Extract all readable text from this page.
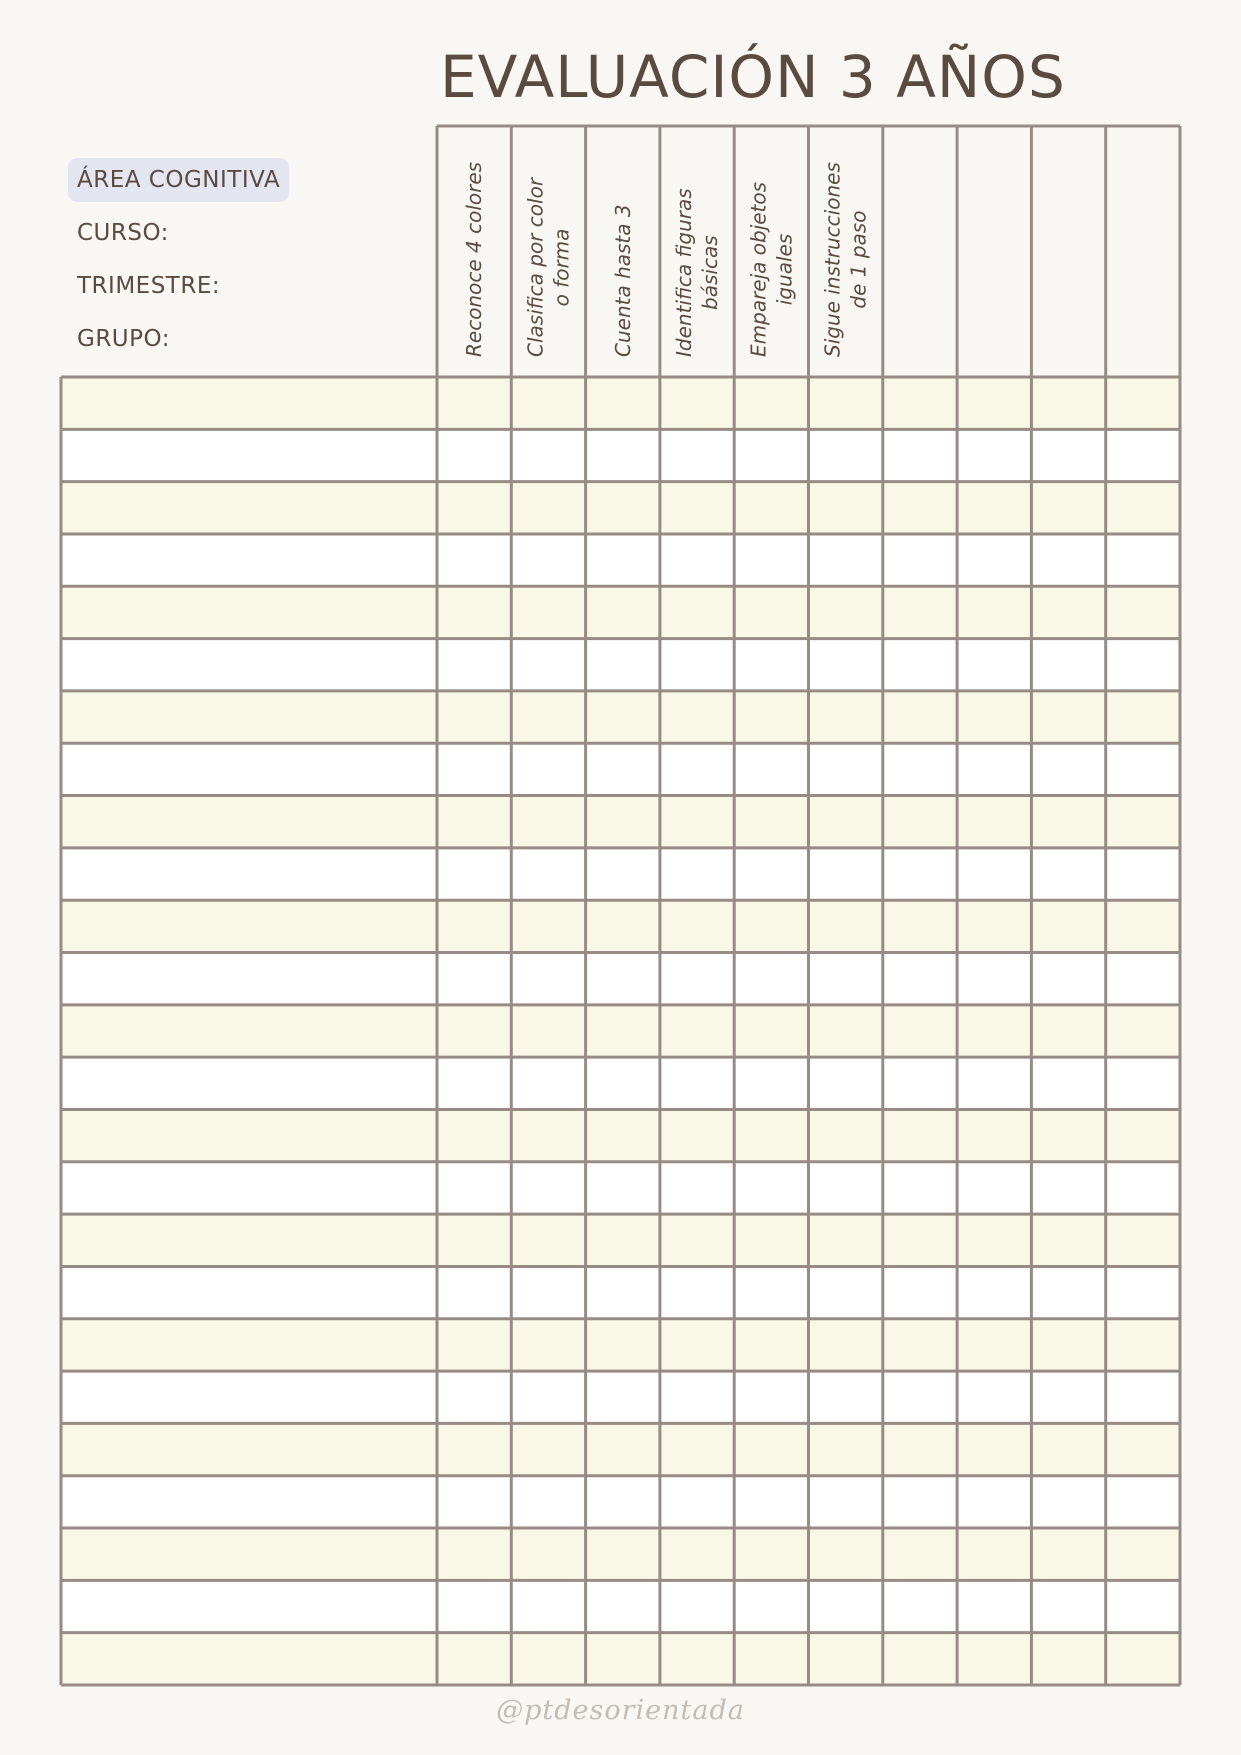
EVALUACIÓN 3 AÑOS
ÁREA COGNITIVA
CURSO:
TRIMESTRE:
GRUPO:	Reconoce 4 colores Clasifica por color o forma Cuenta hasta 3 Identifica figuras básicas Empareja objetos iguales Sigue instrucciones de 1 paso
@ptdesorientada
